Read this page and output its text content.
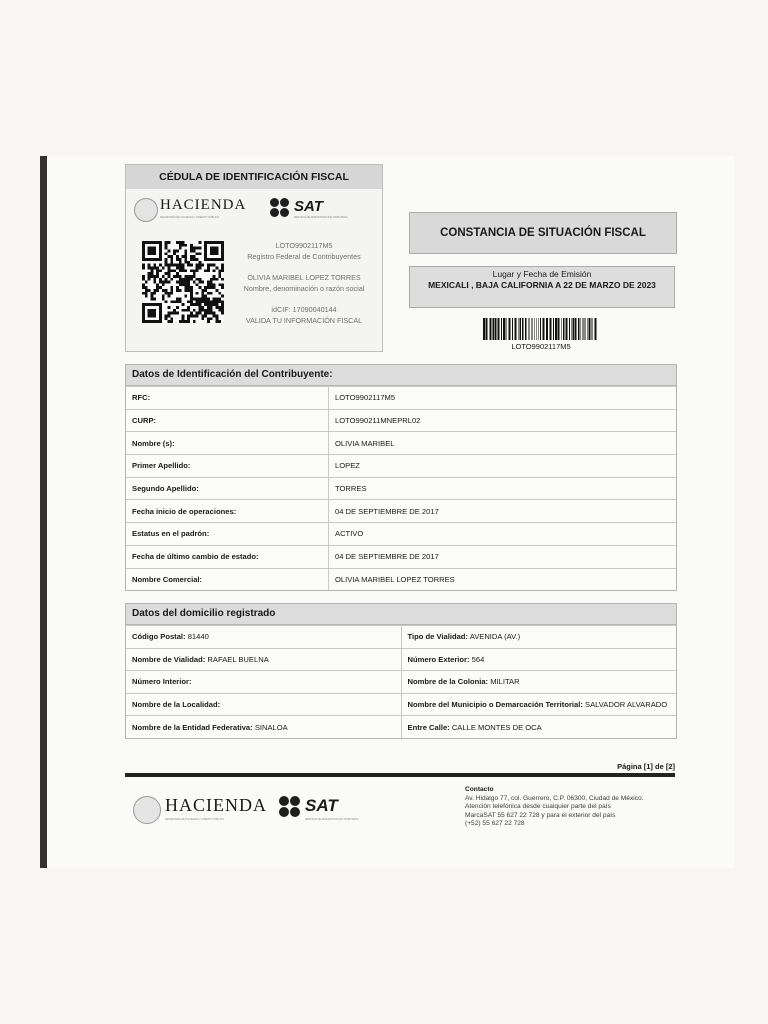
CÉDULA DE IDENTIFICACIÓN FISCAL
HACIENDA
SECRETARÍA DE HACIENDA Y CRÉDITO PÚBLICO
SAT
SERVICIO DE ADMINISTRACIÓN TRIBUTARIA
LOTO9902117M5
Registro Federal de Contribuyentes
OLIVIA MARIBEL LOPEZ TORRES
Nombre, denominación o razón social
idCIF: 17090040144
VALIDA TU INFORMACIÓN FISCAL
CONSTANCIA DE SITUACIÓN FISCAL
Lugar y Fecha de Emisión
MEXICALI , BAJA CALIFORNIA A 22 DE MARZO DE 2023
LOTO9902117M5
Datos de Identificación del Contribuyente:
RFC:	LOTO9902117M5
CURP:	LOTO990211MNEPRL02
Nombre (s):	OLIVIA MARIBEL
Primer Apellido:	LOPEZ
Segundo Apellido:	TORRES
Fecha inicio de operaciones:	04 DE SEPTIEMBRE DE 2017
Estatus en el padrón:	ACTIVO
Fecha de último cambio de estado:	04 DE SEPTIEMBRE DE 2017
Nombre Comercial:	OLIVIA MARIBEL LOPEZ TORRES
Datos del domicilio registrado
Código Postal: 81440	Tipo de Vialidad: AVENIDA (AV.)
Nombre de Vialidad: RAFAEL BUELNA	Número Exterior: 564
Número Interior:	Nombre de la Colonia: MILITAR
Nombre de la Localidad:	Nombre del Municipio o Demarcación Territorial: SALVADOR ALVARADO
Nombre de la Entidad Federativa: SINALOA	Entre Calle: CALLE MONTES DE OCA
Página [1] de [2]
HACIENDA
SECRETARÍA DE HACIENDA Y CRÉDITO PÚBLICO
SAT
SERVICIO DE ADMINISTRACIÓN TRIBUTARIA
Contacto
Av. Hidalgo 77, col. Guerrero, C.P. 06300, Ciudad de México.
Atención telefónica desde cualquier parte del país
MarcaSAT 55 627 22 728 y para el exterior del país
(+52) 55 627 22 728
